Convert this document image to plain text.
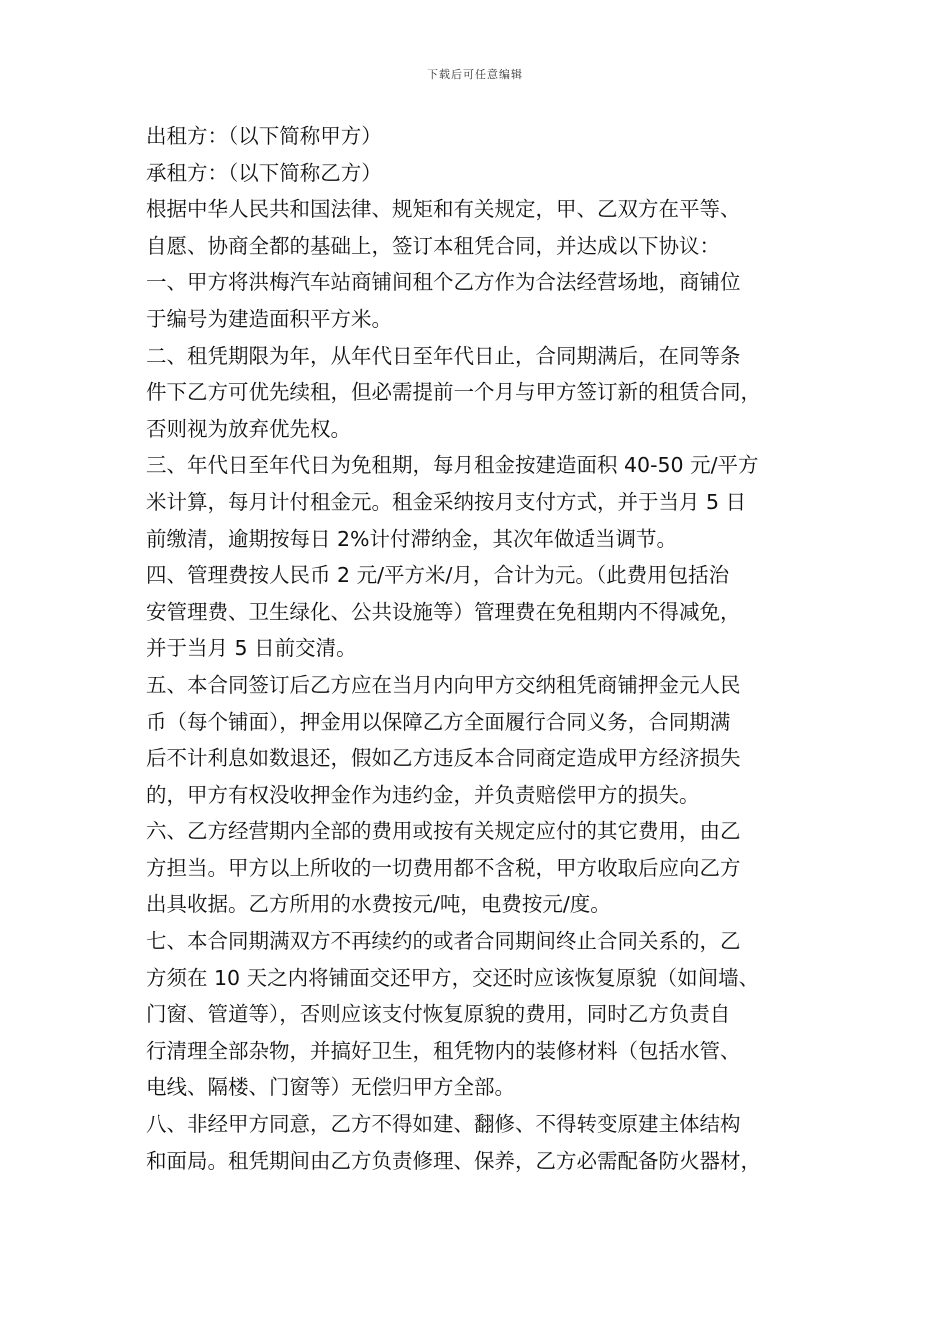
下载后可任意编辑
出租方：（以下简称甲方）
承租方：（以下简称乙方）
根据中华人民共和国法律、规矩和有关规定，甲、乙双方在平等、
自愿、协商全都的基础上，签订本租凭合同，并达成以下协议：
一、甲方将洪梅汽车站商铺间租个乙方作为合法经营场地，商铺位
于编号为建造面积平方米。
二、租凭期限为年，从年代日至年代日止，合同期满后，在同等条
件下乙方可优先续租，但必需提前一个月与甲方签订新的租赁合同，
否则视为放弃优先权。
三、年代日至年代日为免租期，每月租金按建造面积 40-50 元/平方
米计算，每月计付租金元。租金采纳按月支付方式，并于当月 5 日
前缴清，逾期按每日 2%计付滞纳金，其次年做适当调节。
四、管理费按人民币 2 元/平方米/月，合计为元。（此费用包括治
安管理费、卫生绿化、公共设施等）管理费在免租期内不得减免，
并于当月 5 日前交清。
五、本合同签订后乙方应在当月内向甲方交纳租凭商铺押金元人民
币（每个铺面），押金用以保障乙方全面履行合同义务，合同期满
后不计利息如数退还，假如乙方违反本合同商定造成甲方经济损失
的，甲方有权没收押金作为违约金，并负责赔偿甲方的损失。
六、乙方经营期内全部的费用或按有关规定应付的其它费用，由乙
方担当。甲方以上所收的一切费用都不含税，甲方收取后应向乙方
出具收据。乙方所用的水费按元/吨，电费按元/度。
七、本合同期满双方不再续约的或者合同期间终止合同关系的，乙
方须在 10 天之内将铺面交还甲方，交还时应该恢复原貌（如间墙、
门窗、管道等），否则应该支付恢复原貌的费用，同时乙方负责自
行清理全部杂物，并搞好卫生，租凭物内的装修材料（包括水管、
电线、隔楼、门窗等）无偿归甲方全部。
八、非经甲方同意，乙方不得如建、翻修、不得转变原建主体结构
和面局。租凭期间由乙方负责修理、保养，乙方必需配备防火器材，
